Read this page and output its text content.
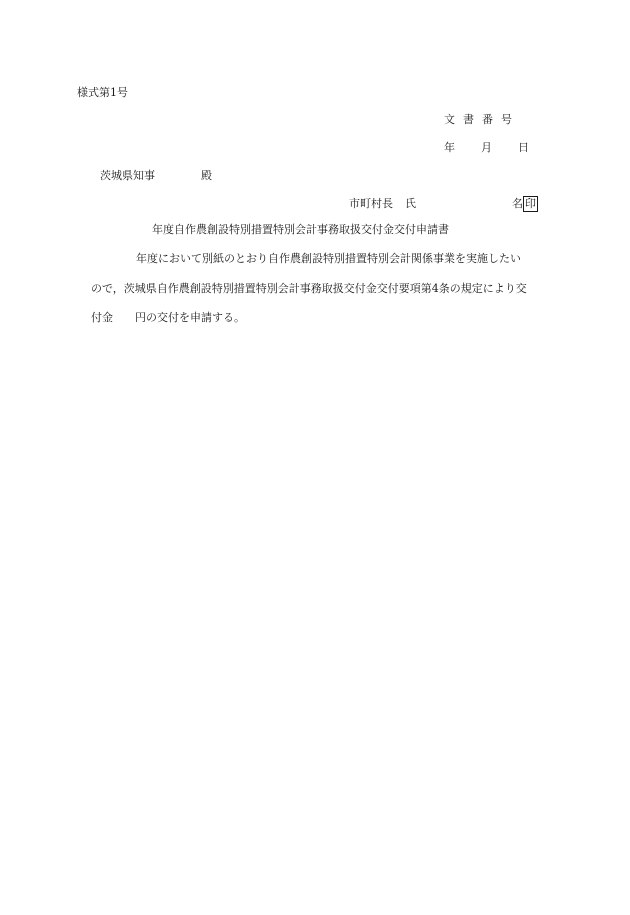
様式第1号
文書番号
年 月 日
茨城県知事	殿
市町村長 氏	名 印
年度自作農創設特別措置特別会計事務取扱交付金交付申請書
年度において別紙のとおり自作農創設特別措置特別会計関係事業を実施したい
ので，茨城県自作農創設特別措置特別会計事務取扱交付金交付要項第4条の規定により交
付金 円の交付を申請する。
